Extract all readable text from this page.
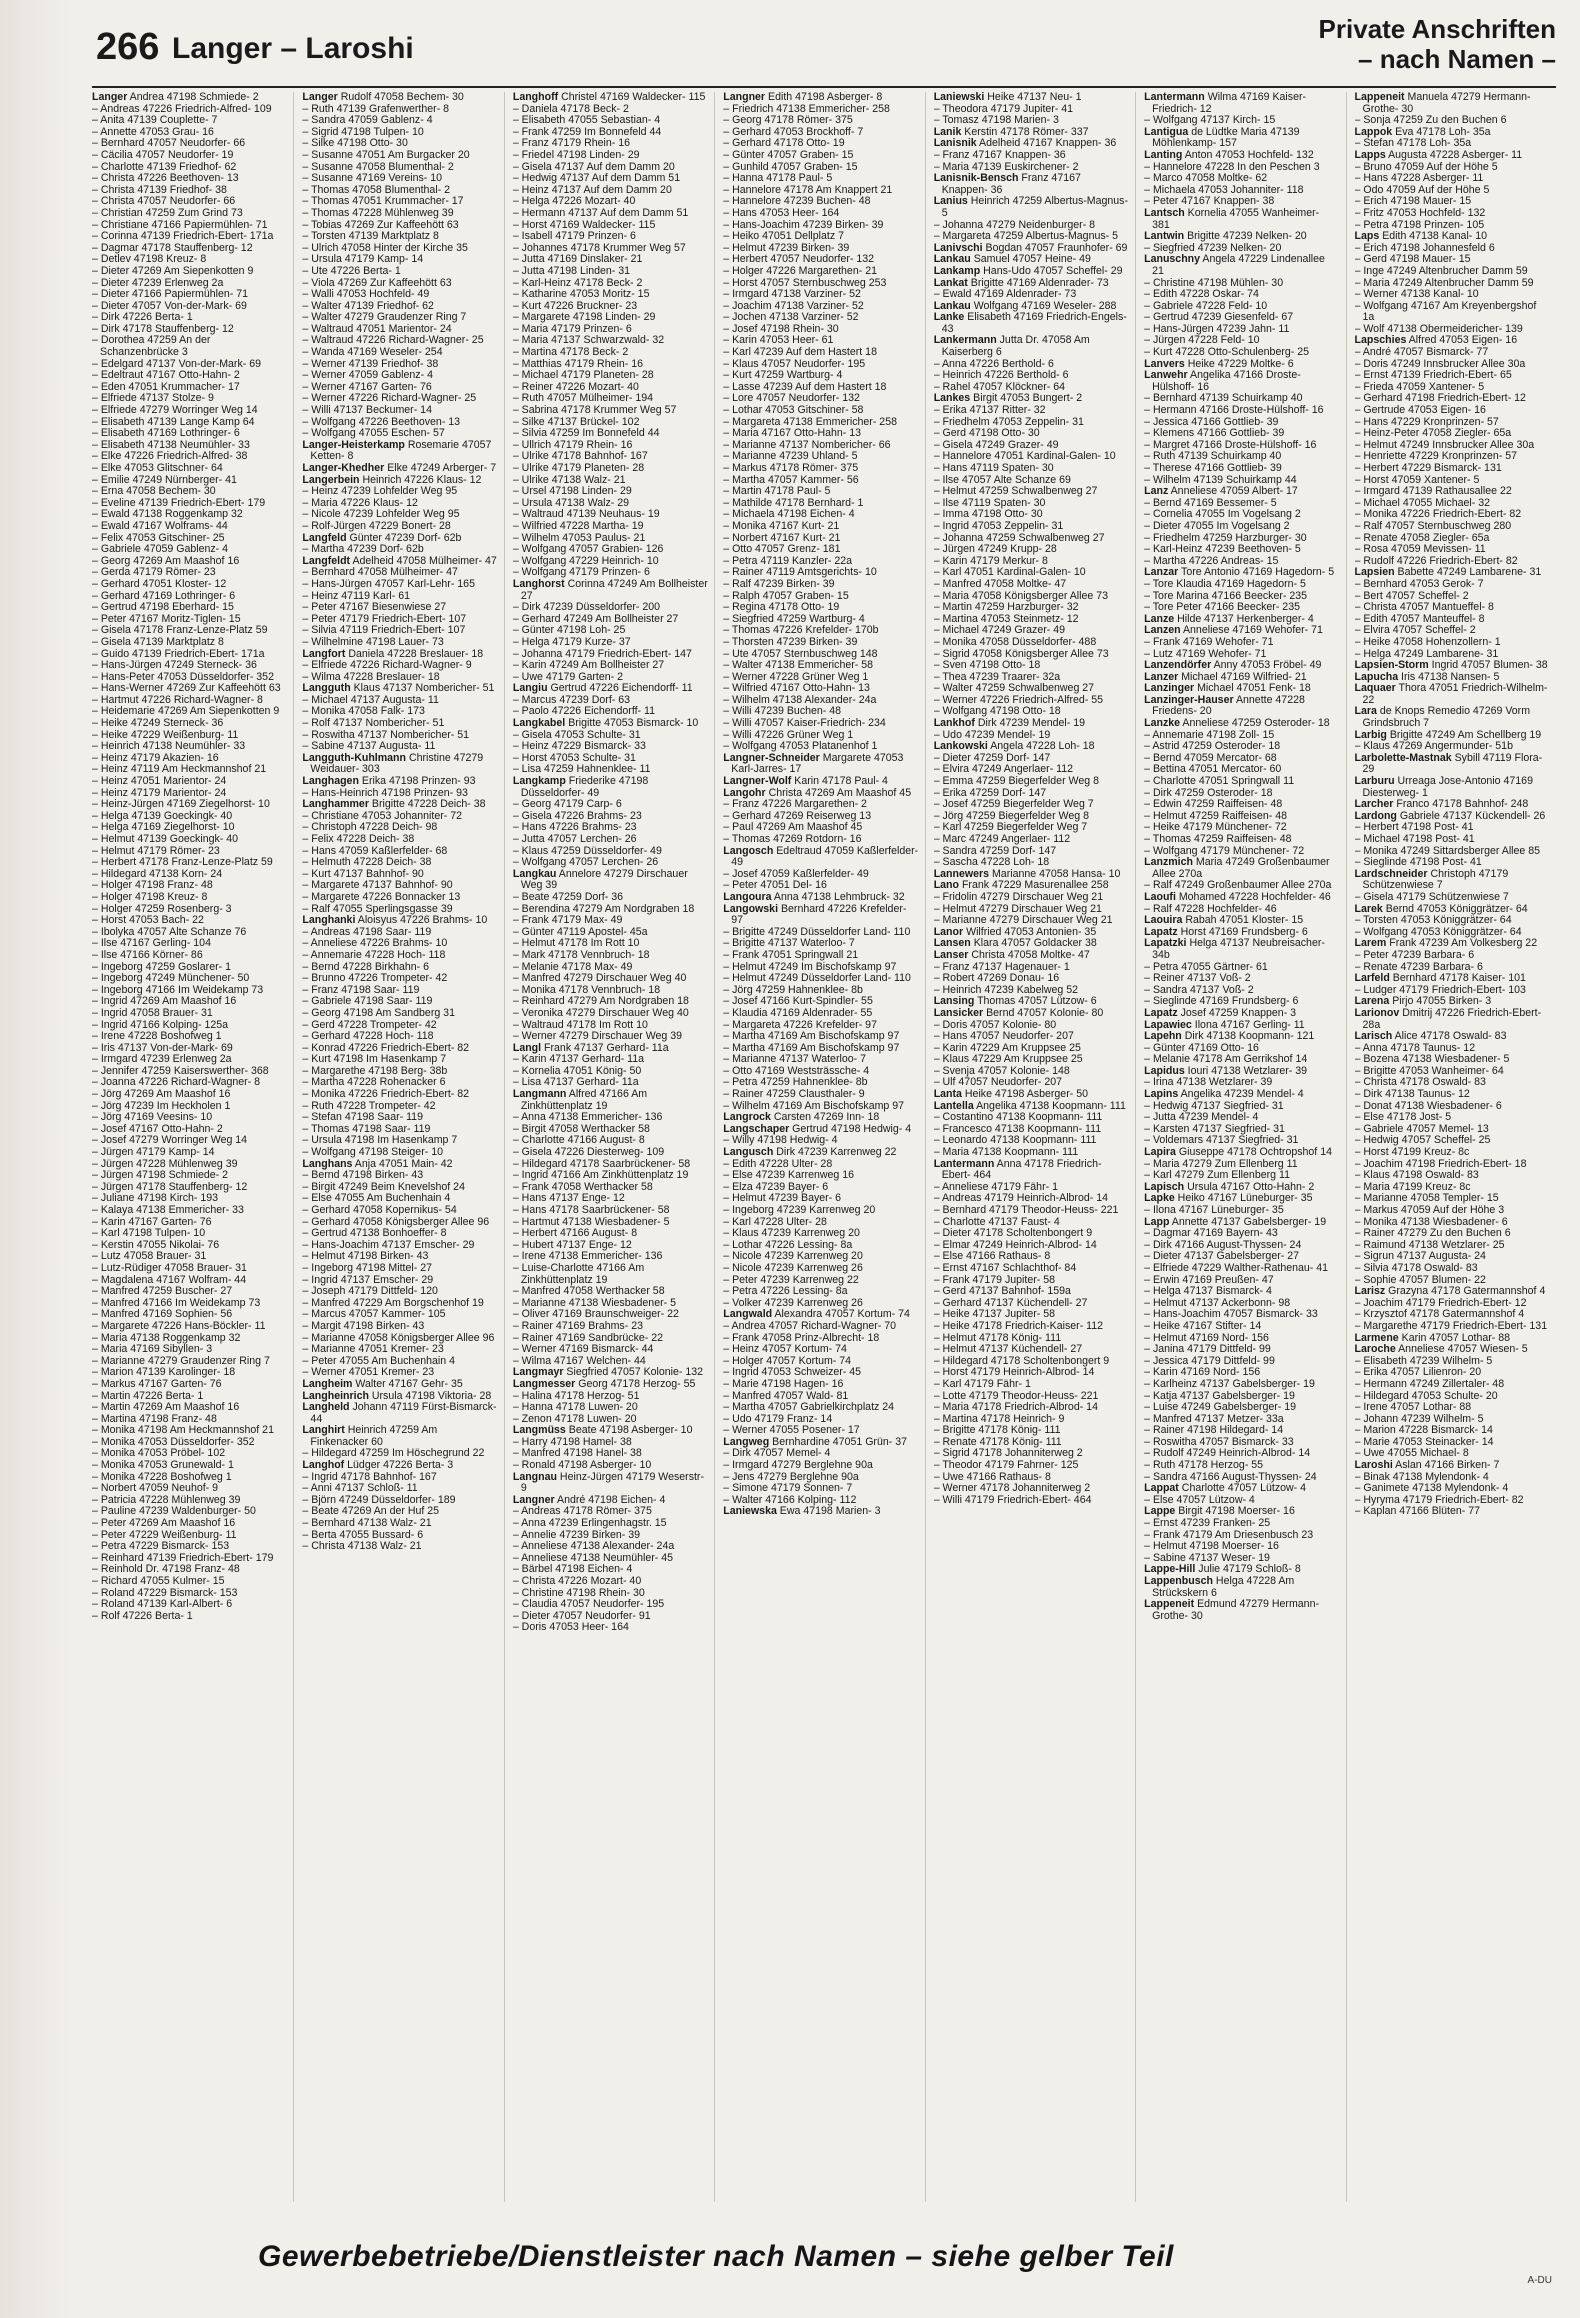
266 Langer – Laroshi
Private Anschriften
– nach Namen –

Langer Andrea 47198 Schmiede- 2

– Andreas 47226 Friedrich-Alfred- 109

– Anita 47139 Couplette- 7

– Annette 47053 Grau- 16

– Bernhard 47057 Neudorfer- 66

– Cäcilia 47057 Neudorfer- 19

– Charlotte 47139 Friedhof- 62

– Christa 47226 Beethoven- 13

– Christa 47139 Friedhof- 38

– Christa 47057 Neudorfer- 66

– Christian 47259 Zum Grind 73

– Christiane 47166 Papiermühlen- 71

– Corinna 47139 Friedrich-Ebert- 171a

– Dagmar 47178 Stauffenberg- 12

– Detlev 47198 Kreuz- 8

– Dieter 47269 Am Siepenkotten 9

– Dieter 47239 Erlenweg 2a

– Dieter 47166 Papiermühlen- 71

– Dieter 47057 Von-der-Mark- 69

– Dirk 47226 Berta- 1

– Dirk 47178 Stauffenberg- 12

– Dorothea 47259 An der Schanzenbrücke 3

– Edelgard 47137 Von-der-Mark- 69

– Edeltraut 47167 Otto-Hahn- 2

– Eden 47051 Krummacher- 17

– Elfriede 47137 Stolze- 9

– Elfriede 47279 Worringer Weg 14

– Elisabeth 47139 Lange Kamp 64

– Elisabeth 47169 Lothringer- 6

– Elisabeth 47138 Neumühler- 33

– Elke 47226 Friedrich-Alfred- 38

– Elke 47053 Glitschner- 64

– Emilie 47249 Nürnberger- 41

– Erna 47058 Bechem- 30

– Eveline 47139 Friedrich-Ebert- 179

– Ewald 47138 Roggenkamp 32

– Ewald 47167 Wolframs- 44

– Felix 47053 Gitschiner- 25

– Gabriele 47059 Gablenz- 4

– Georg 47269 Am Maashof 16

– Gerda 47179 Römer- 23

– Gerhard 47051 Kloster- 12

– Gerhard 47169 Lothringer- 6

– Gertrud 47198 Eberhard- 15

– Peter 47167 Moritz-Tiglen- 15

– Gisela 47178 Franz-Lenze-Platz 59

– Gisela 47139 Marktplatz 8

– Guido 47139 Friedrich-Ebert- 171a

– Hans-Jürgen 47249 Sterneck- 36

– Hans-Peter 47053 Düsseldorfer- 352

– Hans-Werner 47269 Zur Kaffeehött 63

– Hartmut 47226 Richard-Wagner- 8

– Heidemarie 47269 Am Siepenkotten 9

– Heike 47249 Sterneck- 36

– Heike 47229 Weißenburg- 11

– Heinrich 47138 Neumühler- 33

– Heinz 47179 Akazien- 16

– Heinz 47119 Am Heckmannshof 21

– Heinz 47051 Marientor- 24

– Heinz 47179 Marientor- 24

– Heinz-Jürgen 47169 Ziegelhorst- 10

– Helga 47139 Goeckingk- 40

– Helga 47169 Ziegelhorst- 10

– Helmut 47139 Goeckingk- 40

– Helmut 47179 Römer- 23

– Herbert 47178 Franz-Lenze-Platz 59

– Hildegard 47138 Korn- 24

– Holger 47198 Franz- 48

– Holger 47198 Kreuz- 8

– Holger 47259 Rosenberg- 3

– Horst 47053 Bach- 22

– Ibolyka 47057 Alte Schanze 76

– Ilse 47167 Gerling- 104

– Ilse 47166 Körner- 86

– Ingeborg 47259 Goslarer- 1

– Ingeborg 47249 Münchener- 50

– Ingeborg 47166 Im Weidekamp 73

– Ingrid 47269 Am Maashof 16

– Ingrid 47058 Brauer- 31

– Ingrid 47166 Kolping- 125a

– Irene 47228 Boshofweg 1

– Iris 47137 Von-der-Mark- 69

– Irmgard 47239 Erlenweg 2a

– Jennifer 47259 Kaiserswerther- 368

– Joanna 47226 Richard-Wagner- 8

– Jörg 47269 Am Maashof 16

– Jörg 47239 Im Heckholen 1

– Jörg 47169 Veesins- 10

– Josef 47167 Otto-Hahn- 2

– Josef 47279 Worringer Weg 14

– Jürgen 47179 Kamp- 14

– Jürgen 47228 Mühlenweg 39

– Jürgen 47198 Schmiede- 2

– Jürgen 47178 Stauffenberg- 12

– Juliane 47198 Kirch- 193

– Kalaya 47138 Emmericher- 33

– Karin 47167 Garten- 76

– Karl 47198 Tulpen- 10

– Kerstin 47055 Nikolai- 76

– Lutz 47058 Brauer- 31

– Lutz-Rüdiger 47058 Brauer- 31

– Magdalena 47167 Wolfram- 44

– Manfred 47259 Buscher- 27

– Manfred 47166 Im Weidekamp 73

– Manfred 47169 Sophien- 56

– Margarete 47226 Hans-Böckler- 11

– Maria 47138 Roggenkamp 32

– Maria 47169 Sibyllen- 3

– Marianne 47279 Graudenzer Ring 7

– Marion 47139 Karolinger- 18

– Markus 47167 Garten- 76

– Martin 47226 Berta- 1

– Martin 47269 Am Maashof 16

– Martina 47198 Franz- 48

– Monika 47198 Am Heckmannshof 21

– Monika 47053 Düsseldorfer- 352

– Monika 47053 Pröbel- 102

– Monika 47053 Grunewald- 1

– Monika 47228 Boshofweg 1

– Norbert 47059 Neuhof- 9

– Patricia 47228 Mühlenweg 39

– Pauline 47239 Waldenburger- 50

– Peter 47269 Am Maashof 16

– Peter 47229 Weißenburg- 11

– Petra 47229 Bismarck- 153

– Reinhard 47139 Friedrich-Ebert- 179

– Reinhold Dr. 47198 Franz- 48

– Richard 47055 Kulmer- 15

– Roland 47229 Bismarck- 153

– Roland 47139 Karl-Albert- 6

– Rolf 47226 Berta- 1

Langer Rudolf 47058 Bechem- 30

– Ruth 47139 Grafenwerther- 8

– Sandra 47059 Gablenz- 4

– Sigrid 47198 Tulpen- 10

– Silke 47198 Otto- 30

– Susanne 47051 Am Burgacker 20

– Susanne 47058 Blumenthal- 2

– Susanne 47169 Vereins- 10

– Thomas 47058 Blumenthal- 2

– Thomas 47051 Krummacher- 17

– Thomas 47228 Mühlenweg 39

– Tobias 47269 Zur Kaffeehött 63

– Torsten 47139 Marktplatz 8

– Ulrich 47058 Hinter der Kirche 35

– Ursula 47179 Kamp- 14

– Ute 47226 Berta- 1

– Viola 47269 Zur Kaffeehött 63

– Walli 47053 Hochfeld- 49

– Walter 47139 Friedhof- 62

– Walter 47279 Graudenzer Ring 7

– Waltraud 47051 Marientor- 24

– Waltraud 47226 Richard-Wagner- 25

– Wanda 47169 Weseler- 254

– Werner 47139 Friedhof- 38

– Werner 47059 Gablenz- 4

– Werner 47167 Garten- 76

– Werner 47226 Richard-Wagner- 25

– Willi 47137 Beckumer- 14

– Wolfgang 47226 Beethoven- 13

– Wolfgang 47055 Eschen- 57

Langer-Heisterkamp Rosemarie 47057 Ketten- 8

Langer-Khedher Elke 47249 Arberger- 7

Langerbein Heinrich 47226 Klaus- 12

– Heinz 47239 Lohfelder Weg 95

– Maria 47226 Klaus- 12

– Nicole 47239 Lohfelder Weg 95

– Rolf-Jürgen 47229 Bonert- 28

Langfeld Günter 47239 Dorf- 62b

– Martha 47239 Dorf- 62b

Langfeldt Adelheid 47058 Mülheimer- 47

– Bernhard 47058 Mülheimer- 47

– Hans-Jürgen 47057 Karl-Lehr- 165

– Heinz 47119 Karl- 61

– Peter 47167 Biesenwiese 27

– Peter 47179 Friedrich-Ebert- 107

– Silvia 47119 Friedrich-Ebert- 107

– Wilhelmine 47198 Lauer- 73

Langfort Daniela 47228 Breslauer- 18

– Elfriede 47226 Richard-Wagner- 9

– Wilma 47228 Breslauer- 18

Langguth Klaus 47137 Nombericher- 51

– Michael 47137 Augusta- 11

– Monika 47058 Falk- 173

– Rolf 47137 Nombericher- 51

– Roswitha 47137 Nombericher- 51

– Sabine 47137 Augusta- 11

Langguth-Kuhlmann Christine 47279 Weidauer- 303

Langhagen Erika 47198 Prinzen- 93

– Hans-Heinrich 47198 Prinzen- 93

Langhammer Brigitte 47228 Deich- 38

– Christiane 47053 Johanniter- 72

– Christoph 47228 Deich- 98

– Felix 47228 Deich- 38

– Hans 47059 Kaßlerfelder- 68

– Helmuth 47228 Deich- 38

– Kurt 47137 Bahnhof- 90

– Margarete 47137 Bahnhof- 90

– Margarete 47226 Bonnacker 13

– Ralf 47055 Sperlingsgasse 39

Langhanki Aloisyus 47226 Brahms- 10

– Andreas 47198 Saar- 119

– Anneliese 47226 Brahms- 10

– Annemarie 47228 Hoch- 118

– Bernd 47228 Birkhahn- 6

– Brunno 47226 Trompeter- 42

– Franz 47198 Saar- 119

– Gabriele 47198 Saar- 119

– Georg 47198 Am Sandberg 31

– Gerd 47228 Trompeter- 42

– Gerhard 47228 Hoch- 118

– Konrad 47226 Friedrich-Ebert- 82

– Kurt 47198 Im Hasenkamp 7

– Margarethe 47198 Berg- 38b

– Martha 47228 Rohenacker 6

– Monika 47226 Friedrich-Ebert- 82

– Ruth 47228 Trompeter- 42

– Stefan 47198 Saar- 119

– Thomas 47198 Saar- 119

– Ursula 47198 Im Hasenkamp 7

– Wolfgang 47198 Steiger- 10

Langhans Anja 47051 Main- 42

– Bernd 47198 Birken- 43

– Birgit 47249 Beim Knevelshof 24

– Else 47055 Am Buchenhain 4

– Gerhard 47058 Kopernikus- 54

– Gerhard 47058 Königsberger Allee 96

– Gertrud 47138 Bonhoeffer- 8

– Hans-Joachim 47137 Emscher- 29

– Helmut 47198 Birken- 43

– Ingeborg 47198 Mittel- 27

– Ingrid 47137 Emscher- 29

– Joseph 47179 Dittfeld- 120

– Manfred 47229 Am Borgschenhof 19

– Marcus 47057 Kammer- 105

– Margit 47198 Birken- 43

– Marianne 47058 Königsberger Allee 96

– Marianne 47051 Kremer- 23

– Peter 47055 Am Buchenhain 4

– Werner 47051 Kremer- 23

Langheim Walter 47167 Gehr- 35

Langheinrich Ursula 47198 Viktoria- 28

Langheld Johann 47119 Fürst-Bismarck- 44

Langhirt Heinrich 47259 Am Finkenacker 60

– Hildegard 47259 Im Höschegrund 22

Langhof Lüdger 47226 Berta- 3

– Ingrid 47178 Bahnhof- 167

– Anni 47137 Schloß- 11

– Björn 47249 Düsseldorfer- 189

– Beate 47269 An der Huf 25

– Bernhard 47138 Walz- 21

– Berta 47055 Bussard- 6

– Christa 47138 Walz- 21

Langhoff Christel 47169 Waldecker- 115

– Daniela 47178 Beck- 2

– Elisabeth 47055 Sebastian- 4

– Frank 47259 Im Bonnefeld 44

– Franz 47179 Rhein- 16

– Friedel 47198 Linden- 29

– Gisela 47137 Auf dem Damm 20

– Hedwig 47137 Auf dem Damm 51

– Heinz 47137 Auf dem Damm 20

– Helga 47226 Mozart- 40

– Hermann 47137 Auf dem Damm 51

– Horst 47169 Waldecker- 115

– Isabell 47179 Prinzen- 6

– Johannes 47178 Krummer Weg 57

– Jutta 47169 Dinslaker- 21

– Jutta 47198 Linden- 31

– Karl-Heinz 47178 Beck- 2

– Katharine 47053 Moritz- 15

– Kurt 47226 Bruckner- 23

– Margarete 47198 Linden- 29

– Maria 47179 Prinzen- 6

– Maria 47137 Schwarzwald- 32

– Martina 47178 Beck- 2

– Matthias 47179 Rhein- 16

– Michael 47179 Planeten- 28

– Reiner 47226 Mozart- 40

– Ruth 47057 Mülheimer- 194

– Sabrina 47178 Krummer Weg 57

– Silke 47137 Brückel- 102

– Silvia 47259 Im Bonnefeld 44

– Ullrich 47179 Rhein- 16

– Ulrike 47178 Bahnhof- 167

– Ulrike 47179 Planeten- 28

– Ulrike 47138 Walz- 21

– Ursel 47198 Linden- 29

– Ursula 47138 Walz- 29

– Waltraud 47139 Neuhaus- 19

– Wilfried 47228 Martha- 19

– Wilhelm 47053 Paulus- 21

– Wolfgang 47057 Grabien- 126

– Wolfgang 47229 Heinrich- 10

– Wolfgang 47179 Prinzen- 6

Langhorst Corinna 47249 Am Bollheister 27

– Dirk 47239 Düsseldorfer- 200

– Gerhard 47249 Am Bollheister 27

– Günter 47198 Loh- 25

– Helga 47179 Kurze- 37

– Johanna 47179 Friedrich-Ebert- 147

– Karin 47249 Am Bollheister 27

– Uwe 47179 Garten- 2

Langiu Gertrud 47226 Eichendorff- 11

– Marcus 47239 Dorf- 63

– Paolo 47226 Eichendorff- 11

Langkabel Brigitte 47053 Bismarck- 10

– Gisela 47053 Schulte- 31

– Heinz 47229 Bismarck- 33

– Horst 47053 Schulte- 31

– Lisa 47259 Hahnenklee- 11

Langkamp Friederike 47198 Düsseldorfer- 49

– Georg 47179 Carp- 6

– Gisela 47226 Brahms- 23

– Hans 47226 Brahms- 23

– Jutta 47057 Lerchen- 26

– Klaus 47259 Düsseldorfer- 49

– Wolfgang 47057 Lerchen- 26

Langkau Annelore 47279 Dirschauer Weg 39

– Beate 47259 Dorf- 36

– Berendina 47279 Am Nordgraben 18

– Frank 47179 Max- 49

– Günter 47119 Apostel- 45a

– Helmut 47178 Im Rott 10

– Mark 47178 Vennbruch- 18

– Melanie 47178 Max- 49

– Manfred 47279 Dirschauer Weg 40

– Monika 47178 Vennbruch- 18

– Reinhard 47279 Am Nordgraben 18

– Veronika 47279 Dirschauer Weg 40

– Waltraud 47178 Im Rott 10

– Werner 47279 Dirschauer Weg 39

Langl Frank 47137 Gerhard- 11a

– Karin 47137 Gerhard- 11a

– Kornelia 47051 König- 50

– Lisa 47137 Gerhard- 11a

Langmann Alfred 47166 Am Zinkhüttenplatz 19

– Anna 47138 Emmericher- 136

– Birgit 47058 Werthacker 58

– Charlotte 47166 August- 8

– Gisela 47226 Diesterweg- 109

– Hildegard 47178 Saarbrückener- 58

– Ingrid 47166 Am Zinkhüttenplatz 19

– Frank 47058 Werthacker 58

– Hans 47137 Enge- 12

– Hans 47178 Saarbrückener- 58

– Hartmut 47138 Wiesbadener- 5

– Herbert 47166 August- 8

– Hubert 47137 Enge- 12

– Irene 47138 Emmericher- 136

– Luise-Charlotte 47166 Am Zinkhüttenplatz 19

– Manfred 47058 Werthacker 58

– Marianne 47138 Wiesbadener- 5

– Oliver 47169 Braunschweiger- 22

– Rainer 47169 Brahms- 23

– Rainer 47169 Sandbrücke- 22

– Werner 47169 Bismarck- 44

– Wilma 47167 Welchen- 44

Langmayr Siegfried 47057 Kolonie- 132

Langmesser Georg 47178 Herzog- 55

– Halina 47178 Herzog- 51

– Hanna 47178 Luwen- 20

– Zenon 47178 Luwen- 20

Langmüss Beate 47198 Asberger- 10

– Harry 47198 Hamel- 38

– Manfred 47198 Hanel- 38

– Ronald 47198 Asberger- 10

Langnau Heinz-Jürgen 47179 Weserstr- 9

Langner André 47198 Eichen- 4

– Andreas 47178 Römer- 375

– Anna 47239 Erlingenhagstr. 15

– Annelie 47239 Birken- 39

– Anneliese 47138 Alexander- 24a

– Anneliese 47138 Neumühler- 45

– Bärbel 47198 Eichen- 4

– Christa 47226 Mozart- 40

– Christine 47198 Rhein- 30

– Claudia 47057 Neudorfer- 195

– Dieter 47057 Neudorfer- 91

– Doris 47053 Heer- 164

Langner Edith 47198 Asberger- 8

– Friedrich 47138 Emmericher- 258

– Georg 47178 Römer- 375

– Gerhard 47053 Brockhoff- 7

– Gerhard 47178 Otto- 19

– Günter 47057 Graben- 15

– Gunhild 47057 Graben- 15

– Hanna 47178 Paul- 5

– Hannelore 47178 Am Knappert 21

– Hannelore 47239 Buchen- 48

– Hans 47053 Heer- 164

– Hans-Joachim 47239 Birken- 39

– Heiko 47051 Dellplatz 7

– Helmut 47239 Birken- 39

– Herbert 47057 Neudorfer- 132

– Holger 47226 Margarethen- 21

– Horst 47057 Sternbuschweg 253

– Irmgard 47138 Varziner- 52

– Joachim 47138 Varziner- 52

– Jochen 47138 Varziner- 52

– Josef 47198 Rhein- 30

– Karin 47053 Heer- 61

– Karl 47239 Auf dem Hastert 18

– Klaus 47057 Neudorfer- 195

– Kurt 47259 Wartburg- 4

– Lasse 47239 Auf dem Hastert 18

– Lore 47057 Neudorfer- 132

– Lothar 47053 Gitschiner- 58

– Margareta 47138 Emmericher- 258

– Maria 47167 Otto-Hahn- 13

– Marianne 47137 Nombericher- 66

– Marianne 47239 Uhland- 5

– Markus 47178 Römer- 375

– Martha 47057 Kammer- 56

– Martin 47178 Paul- 5

– Mathilde 47178 Bernhard- 1

– Michaela 47198 Eichen- 4

– Monika 47167 Kurt- 21

– Norbert 47167 Kurt- 21

– Otto 47057 Grenz- 181

– Petra 47119 Kanzler- 22a

– Rainer 47119 Amtsgerichts- 10

– Ralf 47239 Birken- 39

– Ralph 47057 Graben- 15

– Regina 47178 Otto- 19

– Siegfried 47259 Wartburg- 4

– Thomas 47226 Krefelder- 170b

– Thorsten 47239 Birken- 39

– Ute 47057 Sternbuschweg 148

– Walter 47138 Emmericher- 58

– Werner 47228 Grüner Weg 1

– Wilfried 47167 Otto-Hahn- 13

– Wilhelm 47138 Alexander- 24a

– Willi 47239 Buchen- 48

– Willi 47057 Kaiser-Friedrich- 234

– Willi 47226 Grüner Weg 1

– Wolfgang 47053 Platanenhof 1

Langner-Schneider Margarete 47053 Karl-Jarres- 17

Langner-Wolf Karin 47178 Paul- 4

Langohr Christa 47269 Am Maashof 45

– Franz 47226 Margarethen- 2

– Gerhard 47269 Reiserweg 13

– Paul 47269 Am Maashof 45

– Thomas 47269 Rotdorn- 16

Langosch Edeltraud 47059 Kaßlerfelder- 49

– Josef 47059 Kaßlerfelder- 49

– Peter 47051 Del- 16

Langoura Anna 47138 Lehmbruck- 32

Langowski Bernhard 47226 Krefelder- 97

– Brigitte 47249 Düsseldorfer Land- 110

– Brigitte 47137 Waterloo- 7

– Frank 47051 Springwall 21

– Helmut 47249 Im Bischofskamp 97

– Helmut 47249 Düsseldorfer Land- 110

– Jörg 47259 Hahnenklee- 8b

– Josef 47166 Kurt-Spindler- 55

– Klaudia 47169 Aldenrader- 55

– Margareta 47226 Krefelder- 97

– Martha 47169 Am Bischofskamp 97

– Martha 47169 Am Bischofskamp 97

– Marianne 47137 Waterloo- 7

– Otto 47169 Weststrässche- 4

– Petra 47259 Hahnenklee- 8b

– Rainer 47259 Clausthaler- 9

– Wilhelm 47169 Am Bischofskamp 97

Langrock Carsten 47269 Inn- 18

Langschaper Gertrud 47198 Hedwig- 4

– Willy 47198 Hedwig- 4

Langusch Dirk 47239 Karrenweg 22

– Edith 47228 Ulter- 28

– Else 47239 Karrenweg 16

– Elza 47239 Bayer- 6

– Helmut 47239 Bayer- 6

– Ingeborg 47239 Karrenweg 20

– Karl 47228 Ulter- 28

– Klaus 47239 Karrenweg 20

– Lothar 47226 Lessing- 8a

– Nicole 47239 Karrenweg 20

– Nicole 47239 Karrenweg 26

– Peter 47239 Karrenweg 22

– Petra 47226 Lessing- 8a

– Volker 47239 Karrenweg 26

Langwald Alexandra 47057 Kortum- 74

– Andrea 47057 Richard-Wagner- 70

– Frank 47058 Prinz-Albrecht- 18

– Heinz 47057 Kortum- 74

– Holger 47057 Kortum- 74

– Ingrid 47053 Schweizer- 45

– Marie 47198 Hagen- 16

– Manfred 47057 Wald- 81

– Martha 47057 Gabrielkirchplatz 24

– Udo 47179 Franz- 14

– Werner 47055 Posener- 17

Langweg Bernhardine 47051 Grün- 37

– Dirk 47057 Memel- 4

– Irmgard 47279 Berglehne 90a

– Jens 47279 Berglehne 90a

– Simone 47179 Sonnen- 7

– Walter 47166 Kolping- 112

Laniewska Ewa 47198 Marien- 3

Laniewski Heike 47137 Neu- 1

– Theodora 47179 Jupiter- 41

– Tomasz 47198 Marien- 3

Lanik Kerstin 47178 Römer- 337

Lanisnik Adelheid 47167 Knappen- 36

– Franz 47167 Knappen- 36

– Maria 47139 Euskirchener- 2

Lanisnik-Bensch Franz 47167 Knappen- 36

Lanius Heinrich 47259 Albertus-Magnus- 5

– Johanna 47279 Neidenburger- 8

– Margareta 47259 Albertus-Magnus- 5

Lanivschi Bogdan 47057 Fraunhofer- 69

Lankau Samuel 47057 Heine- 49

Lankamp Hans-Udo 47057 Scheffel- 29

Lankat Brigitte 47169 Aldenrader- 73

– Ewald 47169 Aldenrader- 73

Lankau Wolfgang 47169 Weseler- 288

Lanke Elisabeth 47169 Friedrich-Engels- 43

Lankermann Jutta Dr. 47058 Am Kaiserberg 6

– Anna 47226 Berthold- 6

– Heinrich 47226 Berthold- 6

– Rahel 47057 Klöckner- 64

Lankes Birgit 47053 Bungert- 2

– Erika 47137 Ritter- 32

– Friedhelm 47053 Zeppelin- 31

– Gerd 47198 Otto- 30

– Gisela 47249 Grazer- 49

– Hannelore 47051 Kardinal-Galen- 10

– Hans 47119 Spaten- 30

– Ilse 47057 Alte Schanze 69

– Helmut 47259 Schwalbenweg 27

– Ilse 47119 Spaten- 30

– Imma 47198 Otto- 30

– Ingrid 47053 Zeppelin- 31

– Johanna 47259 Schwalbenweg 27

– Jürgen 47249 Krupp- 28

– Karin 47179 Merkur- 8

– Karl 47051 Kardinal-Galen- 10

– Manfred 47058 Moltke- 47

– Maria 47058 Königsberger Allee 73

– Martin 47259 Harzburger- 32

– Martina 47053 Steinmetz- 12

– Michael 47249 Grazer- 49

– Monika 47058 Düsseldorfer- 488

– Sigrid 47058 Königsberger Allee 73

– Sven 47198 Otto- 18

– Thea 47239 Traarer- 32a

– Walter 47259 Schwalbenweg 27

– Werner 47226 Friedrich-Alfred- 55

– Wolfgang 47198 Otto- 18

Lankhof Dirk 47239 Mendel- 19

– Udo 47239 Mendel- 19

Lankowski Angela 47228 Loh- 18

– Dieter 47259 Dorf- 147

– Elvira 47249 Angerlaer- 112

– Emma 47259 Biegerfelder Weg 8

– Erika 47259 Dorf- 147

– Josef 47259 Biegerfelder Weg 7

– Jörg 47259 Biegerfelder Weg 8

– Karl 47259 Biegerfelder Weg 7

– Marc 47249 Angerlaer- 112

– Sandra 47259 Dorf- 147

– Sascha 47228 Loh- 18

Lannewers Marianne 47058 Hansa- 10

Lano Frank 47229 Masurenallee 258

– Fridolin 47279 Dirschauer Weg 21

– Helmut 47279 Dirschauer Weg 21

– Marianne 47279 Dirschauer Weg 21

Lanor Wilfried 47053 Antonien- 35

Lansen Klara 47057 Goldacker 38

Lanser Christa 47058 Moltke- 47

– Franz 47137 Hagenauer- 1

– Robert 47269 Donau- 16

– Heinrich 47239 Kabelweg 52

Lansing Thomas 47057 Lützow- 6

Lansicker Bernd 47057 Kolonie- 80

– Doris 47057 Kolonie- 80

– Hans 47057 Neudorfer- 207

– Karin 47229 Am Kruppsee 25

– Klaus 47229 Am Kruppsee 25

– Svenja 47057 Kolonie- 148

– Ulf 47057 Neudorfer- 207

Lanta Heike 47198 Asberger- 50

Lantella Angelika 47138 Koopmann- 111

– Costantino 47138 Koopmann- 111

– Francesco 47138 Koopmann- 111

– Leonardo 47138 Koopmann- 111

– Maria 47138 Koopmann- 111

Lantermann Anna 47178 Friedrich-Ebert- 464

– Anneliese 47179 Fähr- 1

– Andreas 47179 Heinrich-Albrod- 14

– Bernhard 47179 Theodor-Heuss- 221

– Charlotte 47137 Faust- 4

– Dieter 47178 Scholtenbongert 9

– Elmar 47249 Heinrich-Albrod- 14

– Else 47166 Rathaus- 8

– Ernst 47167 Schlachthof- 84

– Frank 47179 Jupiter- 58

– Gerd 47137 Bahnhof- 159a

– Gerhard 47137 Küchendell- 27

– Heike 47137 Jupiter- 58

– Heike 47178 Friedrich-Kaiser- 112

– Helmut 47178 König- 111

– Helmut 47137 Küchendell- 27

– Hildegard 47178 Scholtenbongert 9

– Horst 47179 Heinrich-Albrod- 14

– Karl 47179 Fähr- 1

– Lotte 47179 Theodor-Heuss- 221

– Maria 47178 Friedrich-Albrod- 14

– Martina 47178 Heinrich- 9

– Brigitte 47178 König- 111

– Renate 47178 König- 111

– Sigrid 47178 Johanniterweg 2

– Theodor 47179 Fahrner- 125

– Uwe 47166 Rathaus- 8

– Werner 47178 Johanniterweg 2

– Willi 47179 Friedrich-Ebert- 464

Lantermann Wilma 47169 Kaiser-Friedrich- 12

– Wolfgang 47137 Kirch- 15

Lantiguа de Lüdtke Maria 47139 Möhlenkamp- 157

Lanting Anton 47053 Hochfeld- 132

– Hannelore 47228 In den Peschen 3

– Marco 47058 Moltke- 62

– Michaela 47053 Johanniter- 118

– Peter 47167 Knappen- 38

Lantsch Kornelia 47055 Wanheimer- 381

Lantwin Brigitte 47239 Nelken- 20

– Siegfried 47239 Nelken- 20

Lanuschny Angela 47229 Lindenallee 21

– Christine 47198 Mühlen- 30

– Edith 47228 Oskar- 74

– Gabriele 47228 Feld- 10

– Gertrud 47239 Giesenfeld- 67

– Hans-Jürgen 47239 Jahn- 11

– Jürgen 47228 Feld- 10

– Kurt 47228 Otto-Schulenberg- 25

Lanvers Heike 47229 Moltke- 6

Lanwehr Angelika 47166 Droste-Hülshoff- 16

– Bernhard 47139 Schuirkamp 40

– Hermann 47166 Droste-Hülshoff- 16

– Jessica 47166 Gottlieb- 39

– Klemens 47166 Gottlieb- 39

– Margret 47166 Droste-Hülshoff- 16

– Ruth 47139 Schuirkamp 40

– Therese 47166 Gottlieb- 39

– Wilhelm 47139 Schuirkamp 44

Lanz Anneliese 47059 Albert- 17

– Bernd 47169 Bessemer- 5

– Cornelia 47055 Im Vogelsang 2

– Dieter 47055 Im Vogelsang 2

– Friedhelm 47259 Harzburger- 30

– Karl-Heinz 47239 Beethoven- 5

– Martha 47226 Andreas- 15

Lanzar Tore Antonio 47169 Hagedorn- 5

– Tore Klaudia 47169 Hagedorn- 5

– Tore Marina 47166 Beecker- 235

– Tore Peter 47166 Beecker- 235

Lanze Hilde 47137 Herkenberger- 4

Lanzen Anneliese 47169 Wehofer- 71

– Frank 47169 Wehofer- 71

– Lutz 47169 Wehofer- 71

Lanzendörfer Anny 47053 Fröbel- 49

Lanzer Michael 47169 Wilfried- 21

Lanzinger Michael 47051 Fenk- 18

Lanzinger-Hauser Annette 47228 Friedens- 20

Lanzke Anneliese 47259 Osteroder- 18

– Annemarie 47198 Zoll- 15

– Astrid 47259 Osteroder- 18

– Bernd 47059 Mercator- 68

– Bettina 47051 Mercator- 60

– Charlotte 47051 Springwall 11

– Dirk 47259 Osteroder- 18

– Edwin 47259 Raiffeisen- 48

– Helmut 47259 Raiffeisen- 48

– Heike 47179 Münchener- 72

– Thomas 47259 Raiffeisen- 48

– Wolfgang 47179 Münchener- 72

Lanzmich Maria 47249 Großenbaumer Allee 270a

– Ralf 47249 Großenbaumer Allee 270a

Laoufi Mohamed 47228 Hochfelder- 46

– Ralf 47228 Hochfelder- 46

Laouira Rabah 47051 Kloster- 15

Lapatz Horst 47169 Frundsberg- 6

Lapatzki Helga 47137 Neubreisacher- 34b

– Petra 47055 Gärtner- 61

– Reiner 47137 Voß- 2

– Sandra 47137 Voß- 2

– Sieglinde 47169 Frundsberg- 6

Lapatz Josef 47259 Knappen- 3

Lapawiec Ilona 47167 Gerling- 11

Lapehn Dirk 47138 Koopmann- 121

– Günter 47169 Otto- 16

– Melanie 47178 Am Gerrikshof 14

Lapidus Iouri 47138 Wetzlarer- 39

– Irina 47138 Wetzlarer- 39

Lapins Angelika 47239 Mendel- 4

– Hedwig 47137 Siegfried- 31

– Jutta 47239 Mendel- 4

– Karsten 47137 Siegfried- 31

– Voldemars 47137 Siegfried- 31

Lapira Giuseppe 47178 Ochtropshof 14

– Maria 47279 Zum Ellenberg 11

– Karl 47279 Zum Ellenberg 11

Lapisch Ursula 47167 Otto-Hahn- 2

Lapke Heiko 47167 Lüneburger- 35

– Ilona 47167 Lüneburger- 35

Lapp Annette 47137 Gabelsberger- 19

– Dagmar 47169 Bayern- 43

– Dirk 47166 August-Thyssen- 24

– Dieter 47137 Gabelsberger- 27

– Elfriede 47229 Walther-Rathenau- 41

– Erwin 47169 Preußen- 47

– Helga 47137 Bismarck- 4

– Helmut 47137 Ackerbonn- 98

– Hans-Joachim 47057 Bismarck- 33

– Heike 47167 Stifter- 14

– Helmut 47169 Nord- 156

– Janina 47179 Dittfeld- 99

– Jessica 47179 Dittfeld- 99

– Karin 47169 Nord- 156

– Karlheinz 47137 Gabelsberger- 19

– Katja 47137 Gabelsberger- 19

– Luise 47249 Gabelsberger- 19

– Manfred 47137 Metzer- 33a

– Rainer 47198 Hildegard- 14

– Roswitha 47057 Bismarck- 33

– Rudolf 47249 Heinrich-Albrod- 14

– Ruth 47178 Herzog- 55

– Sandra 47166 August-Thyssen- 24

Lappat Charlotte 47057 Lützow- 4

– Else 47057 Lützow- 4

Lappe Birgit 47198 Moerser- 16

– Ernst 47239 Franken- 25

– Frank 47179 Am Driesenbusch 23

– Helmut 47198 Moerser- 16

– Sabine 47137 Weser- 19

Lappe-Hill Julie 47179 Schloß- 8

Lappenbusch Helga 47228 Am Strückskern 6

Lappeneit Edmund 47279 Hermann-Grothe- 30

Lappeneit Manuela 47279 Hermann-Grothe- 30

– Sonja 47259 Zu den Buchen 6

Lappok Eva 47178 Loh- 35a

– Stefan 47178 Loh- 35a

Lapps Augusta 47228 Asberger- 11

– Bruno 47059 Auf der Höhe 5

– Hans 47228 Asberger- 11

– Odo 47059 Auf der Höhe 5

– Erich 47198 Mauer- 15

– Fritz 47053 Hochfeld- 132

– Petra 47198 Prinzen- 105

Laps Edith 47138 Kanal- 10

– Erich 47198 Johannesfeld 6

– Gerd 47198 Mauer- 15

– Inge 47249 Altenbrucher Damm 59

– Maria 47249 Altenbrucher Damm 59

– Werner 47138 Kanal- 10

– Wolfgang 47167 Am Kreyenbergshof 1a

– Wolf 47138 Obermeidericher- 139

Lapschies Alfred 47053 Eigen- 16

– André 47057 Bismarck- 77

– Doris 47249 Innsbrucker Allee 30a

– Ernst 47139 Friedrich-Ebert- 65

– Frieda 47059 Xantener- 5

– Gerhard 47198 Friedrich-Ebert- 12

– Gertrude 47053 Eigen- 16

– Hans 47229 Kronprinzen- 57

– Heinz-Peter 47058 Ziegler- 65a

– Helmut 47249 Innsbrucker Allee 30a

– Henriette 47229 Kronprinzen- 57

– Herbert 47229 Bismarck- 131

– Horst 47059 Xantener- 5

– Irmgard 47139 Rathausallee 22

– Michael 47055 Michael- 32

– Monika 47226 Friedrich-Ebert- 82

– Ralf 47057 Sternbuschweg 280

– Renate 47058 Ziegler- 65a

– Rosa 47059 Mevissen- 11

– Rudolf 47226 Friedrich-Ebert- 82

Lapsien Babette 47249 Lambarene- 31

– Bernhard 47053 Gerok- 7

– Bert 47057 Scheffel- 2

– Christa 47057 Mantueffel- 8

– Edith 47057 Manteuffel- 8

– Elvira 47057 Scheffel- 2

– Heike 47058 Hohenzollern- 1

– Helga 47249 Lambarene- 31

Lapsien-Storm Ingrid 47057 Blumen- 38

Lapucha Iris 47138 Nansen- 5

Laquaer Thora 47051 Friedrich-Wilhelm- 22

Lara de Knops Remedio 47269 Vorm Grindsbruch 7

Larbig Brigitte 47249 Am Schellberg 19

– Klaus 47269 Angermunder- 51b

Larbolette-Mastnak Sybill 47119 Flora- 29

Larburu Urreaga Jose-Antonio 47169 Diesterweg- 1

Larcher Franco 47178 Bahnhof- 248

Lardong Gabriele 47137 Kückendell- 26

– Herbert 47198 Post- 41

– Michael 47198 Post- 41

– Monika 47249 Sittardsberger Allee 85

– Sieglinde 47198 Post- 41

Lardschneider Christoph 47179 Schützenwiese 7

– Gisela 47179 Schützenwiese 7

Larek Bernd 47053 Königgrätzer- 64

– Torsten 47053 Königgrätzer- 64

– Wolfgang 47053 Königgrätzer- 64

Larem Frank 47239 Am Volkesberg 22

– Peter 47239 Barbara- 6

– Renate 47239 Barbara- 6

Larfeld Bernhard 47178 Kaiser- 101

– Ludger 47179 Friedrich-Ebert- 103

Larena Pirjo 47055 Birken- 3

Larionov Dmitrij 47226 Friedrich-Ebert- 28a

Larisch Alice 47178 Oswald- 83

– Anna 47178 Taunus- 12

– Bozena 47138 Wiesbadener- 5

– Brigitte 47053 Wanheimer- 64

– Christa 47178 Oswald- 83

– Dirk 47138 Taunus- 12

– Donat 47138 Wiesbadener- 6

– Else 47178 Jost- 5

– Gabriele 47057 Memel- 13

– Hedwig 47057 Scheffel- 25

– Horst 47199 Kreuz- 8c

– Joachim 47198 Friedrich-Ebert- 18

– Klaus 47198 Oswald- 83

– Maria 47199 Kreuz- 8c

– Marianne 47058 Templer- 15

– Markus 47059 Auf der Höhe 3

– Monika 47138 Wiesbadener- 6

– Rainer 47279 Zu den Buchen 6

– Raimund 47138 Wetzlarer- 25

– Sigrun 47137 Augusta- 24

– Silvia 47178 Oswald- 83

– Sophie 47057 Blumen- 22

Larisz Grazyna 47178 Gatermannshof 4

– Joachim 47179 Friedrich-Ebert- 12

– Krzysztof 47178 Gatermannshof 4

– Margarethe 47179 Friedrich-Ebert- 131

Larmene Karin 47057 Lothar- 88

Laroche Anneliese 47057 Wiesen- 5

– Elisabeth 47239 Wilhelm- 5

– Erika 47057 Lilienron- 20

– Hermann 47249 Zillertaler- 48

– Hildegard 47053 Schulte- 20

– Irene 47057 Lothar- 88

– Johann 47239 Wilhelm- 5

– Marion 47228 Bismarck- 14

– Marie 47053 Steinacker- 14

– Uwe 47055 Michael- 8

Laroshi Aslan 47166 Birken- 7

– Binak 47138 Mylendonk- 4

– Ganimete 47138 Mylendonk- 4

– Hyryma 47179 Friedrich-Ebert- 82

– Kaplan 47166 Blüten- 77

Gewerbebetriebe/Dienstleister nach Namen – siehe gelber Teil
A-DU
